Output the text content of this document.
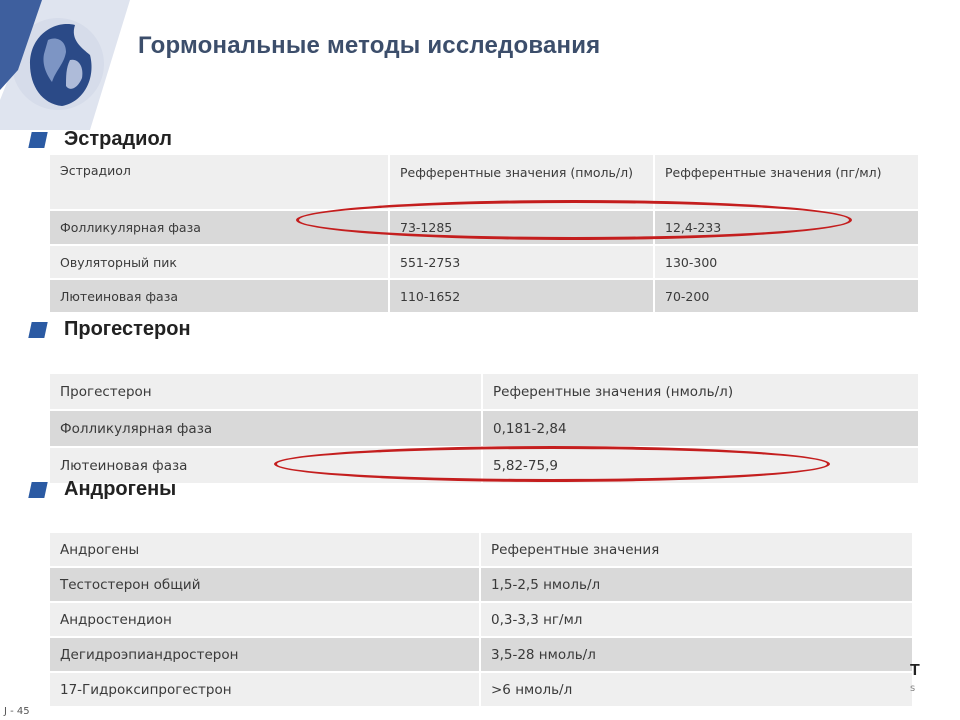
Гормональные методы исследования
Эстрадиол
Эстрадиол	Рефферентные значения (пмоль/л)	Рефферентные значения (пг/мл)
Фолликулярная фаза	73-1285	12,4-233
Овуляторный пик	551-2753	130-300
Лютеиновая фаза	110-1652	70-200
Прогестерон
Прогестерон	Референтные значения (нмоль/л)
Фолликулярная фаза	0,181-2,84
Лютеиновая фаза	5,82-75,9
Андрогены
Андрогены	Референтные значения
Тестостерон общий	1,5-2,5 нмоль/л
Андростендион	0,3-3,3 нг/мл
Дегидроэпиандростерон	3,5-28 нмоль/л
17-Гидроксипрогестрон	>6 нмоль/л
J - 45
T
s
